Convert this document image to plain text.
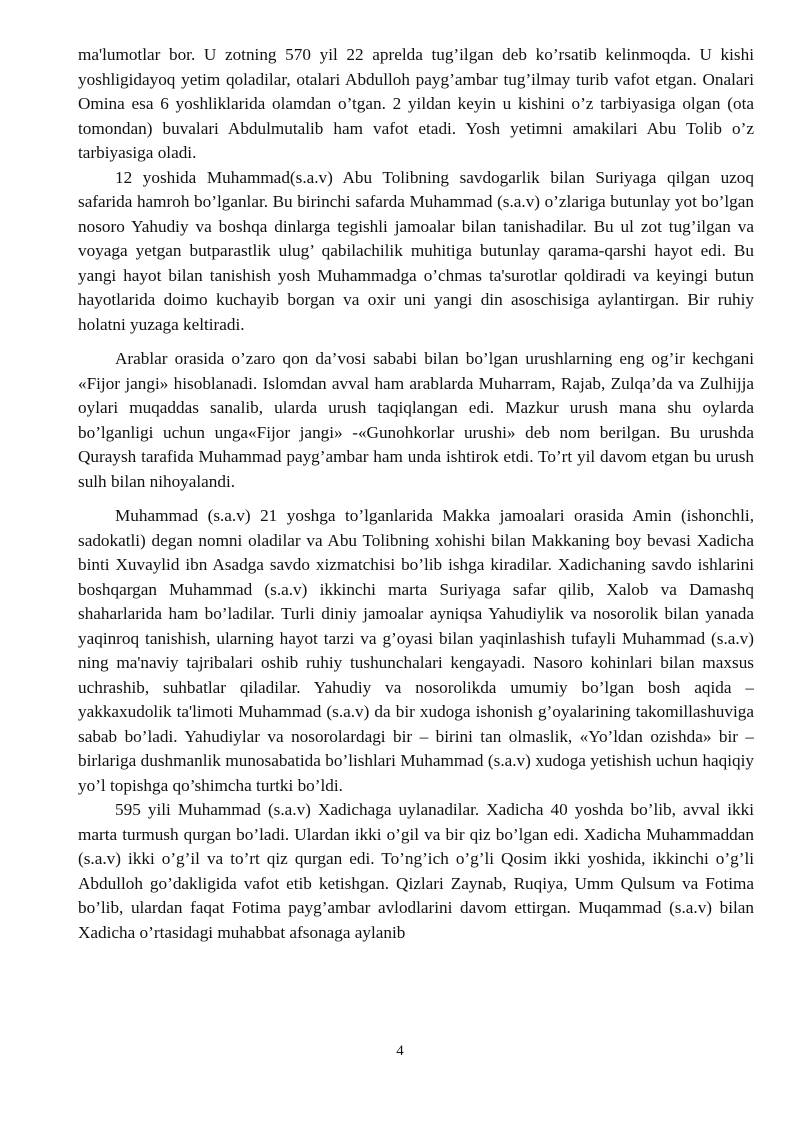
ma'lumotlar bor. U zotning 570 yil 22 aprelda tug’ilgan deb ko’rsatib kelinmoqda. U kishi yoshligidayoq yetim qoladilar, otalari Abdulloh payg’ambar tug’ilmay turib vafot etgan. Onalari Omina esa 6 yoshliklarida olamdan o’tgan. 2 yildan keyin u kishini o’z tarbiyasiga olgan (ota tomondan) buvalari Abdulmutalib ham vafot etadi. Yosh yetimni amakilari Abu Tolib o’z tarbiyasiga oladi.

12 yoshida Muhammad(s.a.v) Abu Tolibning savdogarlik bilan Suriyaga qilgan uzoq safarida hamroh bo’lganlar. Bu birinchi safarda Muhammad (s.a.v) o’zlariga butunlay yot bo’lgan nosoro Yahudiy va boshqa dinlarga tegishli jamoalar bilan tanishadilar. Bu ul zot tug’ilgan va voyaga yetgan butparastlik ulug’ qabilachilik muhitiga butunlay qarama-qarshi hayot edi. Bu yangi hayot bilan tanishish yosh Muhammadga o’chmas ta'surotlar qoldiradi va keyingi butun hayotlarida doimo kuchayib borgan va oxir uni yangi din asoschisiga aylantirgan. Bir ruhiy holatni yuzaga keltiradi.

Arablar orasida o’zaro qon da’vosi sababi bilan bo’lgan urushlarning eng og’ir kechgani «Fijor jangi» hisoblanadi. Islomdan avval ham arablarda Muharram, Rajab, Zulqa’da va Zulhijja oylari muqaddas sanalib, ularda urush taqiqlangan edi. Mazkur urush mana shu oylarda bo’lganligi uchun unga«Fijor jangi» -«Gunohkorlar urushi» deb nom berilgan. Bu urushda Quraysh tarafida Muhammad payg’ambar ham unda ishtirok etdi. To’rt yil davom etgan bu urush sulh bilan nihoyalandi.

Muhammad (s.a.v) 21 yoshga to’lganlarida Makka jamoalari orasida Amin (ishonchli, sadokatli) degan nomni oladilar va Abu Tolibning xohishi bilan Makkaning boy bevasi Xadicha binti Xuvaylid ibn Asadga savdo xizmatchisi bo’lib ishga kiradilar. Xadichaning savdo ishlarini boshqargan Muhammad (s.a.v) ikkinchi marta Suriyaga safar qilib, Xalob va Damashq shaharlarida ham bo’ladilar. Turli diniy jamoalar ayniqsa Yahudiylik va nosorolik bilan yanada yaqinroq tanishish, ularning hayot tarzi va g’oyasi bilan yaqinlashish tufayli Muhammad (s.a.v) ning ma'naviy tajribalari oshib ruhiy tushunchalari kengayadi. Nasoro kohinlari bilan maxsus uchrashib, suhbatlar qiladilar. Yahudiy va nosorolikda umumiy bo’lgan bosh aqida – yakkaxudolik ta'limoti Muhammad (s.a.v) da bir xudoga ishonish g’oyalarining takomillashuviga sabab bo’ladi. Yahudiylar va nosorolardagi bir – birini tan olmaslik, «Yo’ldan ozishda» bir – birlariga dushmanlik munosabatida bo’lishlari Muhammad (s.a.v) xudoga yetishish uchun haqiqiy yo’l topishga qo’shimcha turtki bo’ldi.

595 yili Muhammad (s.a.v) Xadichaga uylanadilar. Xadicha 40 yoshda bo’lib, avval ikki marta turmush qurgan bo’ladi. Ulardan ikki o’gil va bir qiz bo’lgan edi. Xadicha Muhammaddan (s.a.v) ikki o’g’il va to’rt qiz qurgan edi. To’ng’ich o’g’li Qosim ikki yoshida, ikkinchi o’g’li Abdulloh go’dakligida vafot etib ketishgan. Qizlari Zaynab, Ruqiya, Umm Qulsum va Fotima bo’lib, ulardan faqat Fotima payg’ambar avlodlarini davom ettirgan. Muqammad (s.a.v) bilan Xadicha o’rtasidagi muhabbat afsonaga aylanib

4
